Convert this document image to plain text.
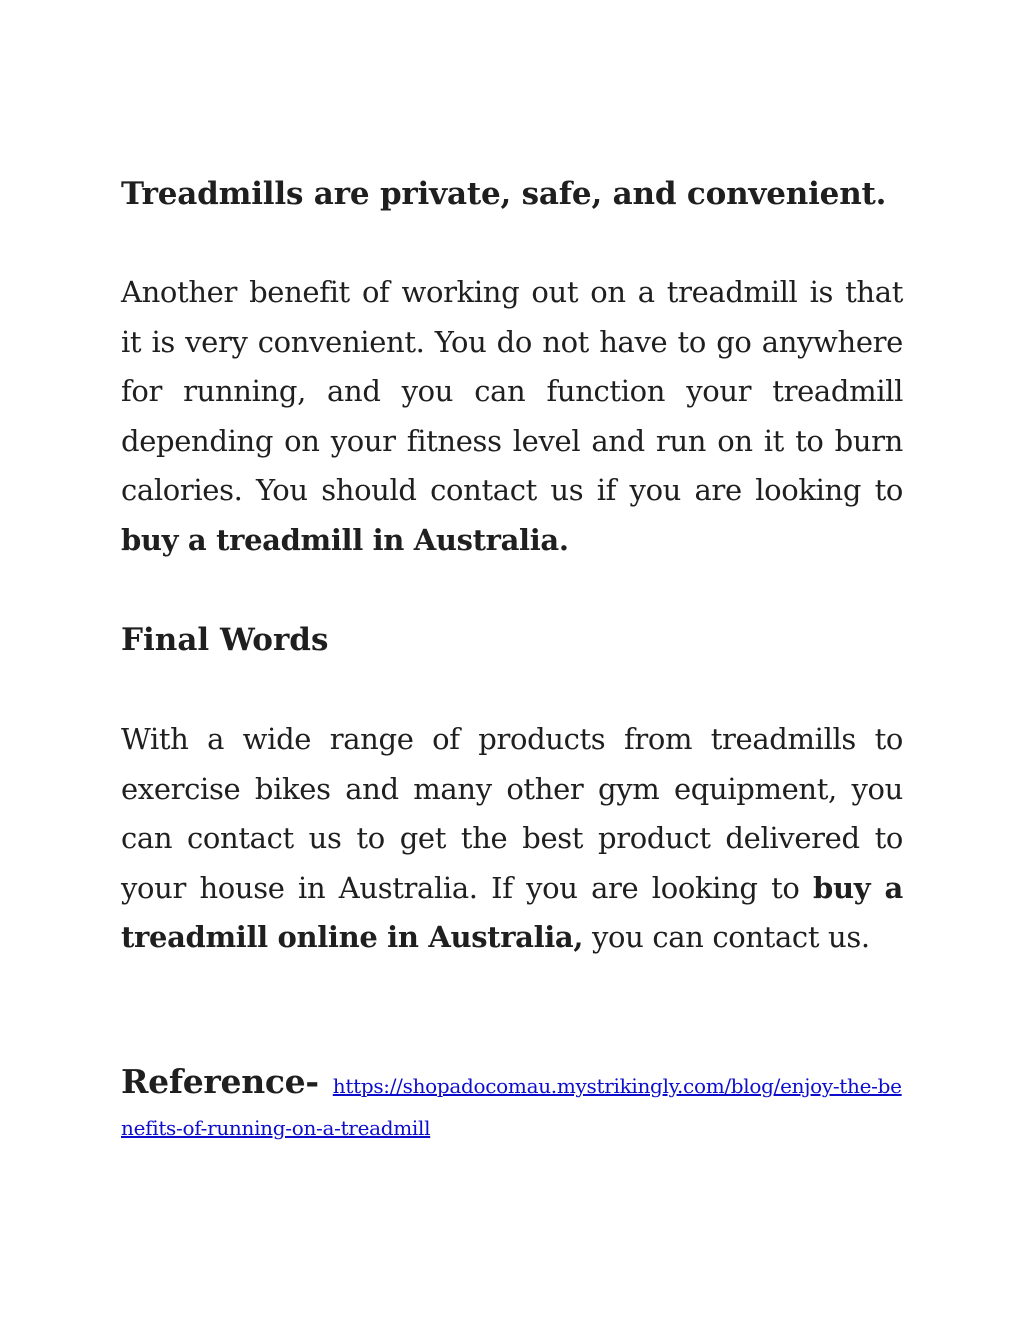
Treadmills are private, safe, and convenient.
Another benefit of working out on a treadmill is that it is very convenient. You do not have to go anywhere for running, and you can function your treadmill depending on your fitness level and run on it to burn calories. You should contact us if you are looking to buy a treadmill in Australia.
Final Words
With a wide range of products from treadmills to exercise bikes and many other gym equipment, you can contact us to get the best product delivered to your house in Australia. If you are looking to buy a treadmill online in Australia, you can contact us.
Reference- https://shopadocomau.mystrikingly.com/blog/enjoy-the-benefits-of-running-on-a-treadmill
